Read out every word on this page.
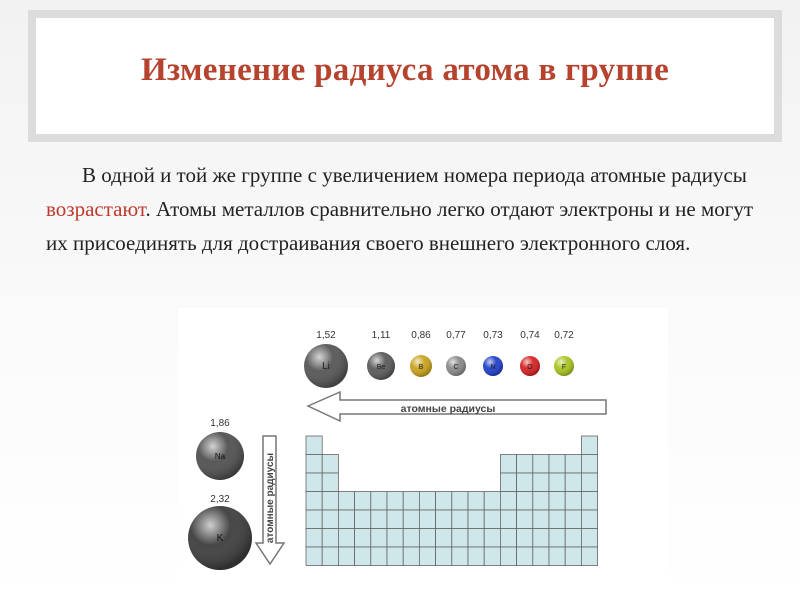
Изменение радиуса атома в группе

В одной и той же группе с увеличением номера периода атомные радиусы возрастают. Атомы металлов сравнительно легко отдают электроны и не могут их присоединять для достраивания своего внешнего электронного слоя.

Li
1,52
Be
1,11
B
0,86
C
0,77
N
0,73
O
0,74
F
0,72
Na
1,86
K
2,32
атомные радиусы
атомные радиусы
